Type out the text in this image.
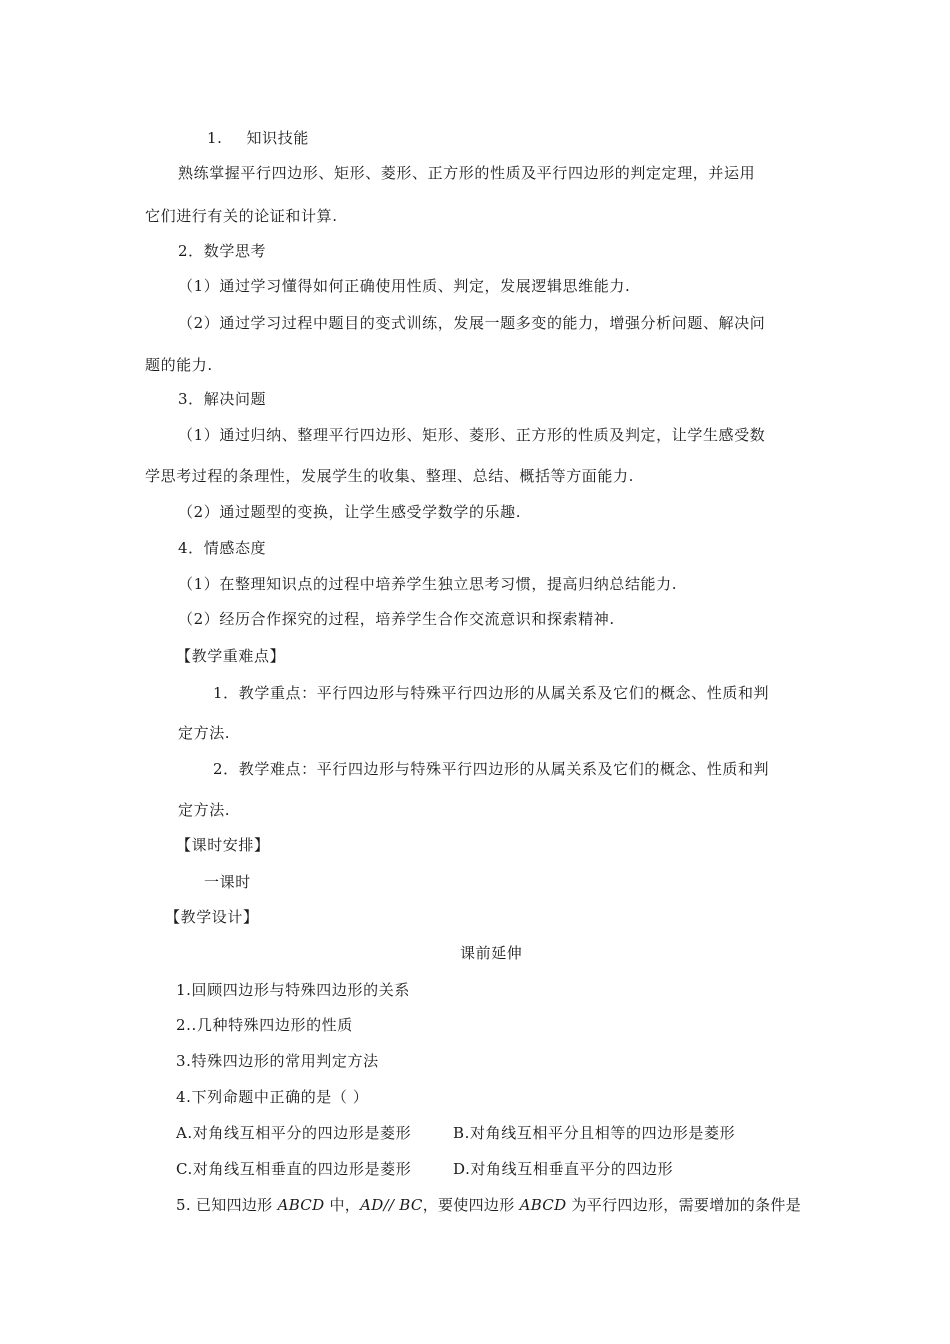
1. 知识技能
熟练掌握平行四边形、矩形、菱形、正方形的性质及平行四边形的判定定理，并运用
它们进行有关的论证和计算.
2．数学思考
（1）通过学习懂得如何正确使用性质、判定，发展逻辑思维能力.
（2）通过学习过程中题目的变式训练，发展一题多变的能力，增强分析问题、解决问
题的能力.
3．解决问题
（1）通过归纳、整理平行四边形、矩形、菱形、正方形的性质及判定，让学生感受数
学思考过程的条理性，发展学生的收集、整理、总结、概括等方面能力.
（2）通过题型的变换，让学生感受学数学的乐趣.
4．情感态度
（1）在整理知识点的过程中培养学生独立思考习惯，提高归纳总结能力.
（2）经历合作探究的过程，培养学生合作交流意识和探索精神.
【教学重难点】
1．教学重点：平行四边形与特殊平行四边形的从属关系及它们的概念、性质和判
定方法.
2．教学难点：平行四边形与特殊平行四边形的从属关系及它们的概念、性质和判
定方法.
【课时安排】
一课时
【教学设计】
课前延伸
1.回顾四边形与特殊四边形的关系
2..几种特殊四边形的性质
3.特殊四边形的常用判定方法
4.下列命题中正确的是（ ）
A.对角线互相平分的四边形是菱形	B.对角线互相平分且相等的四边形是菱形
C.对角线互相垂直的四边形是菱形	D.对角线互相垂直平分的四边形
5. 已知四边形 ABCD 中，AD// BC，要使四边形 ABCD 为平行四边形，需要增加的条件是
